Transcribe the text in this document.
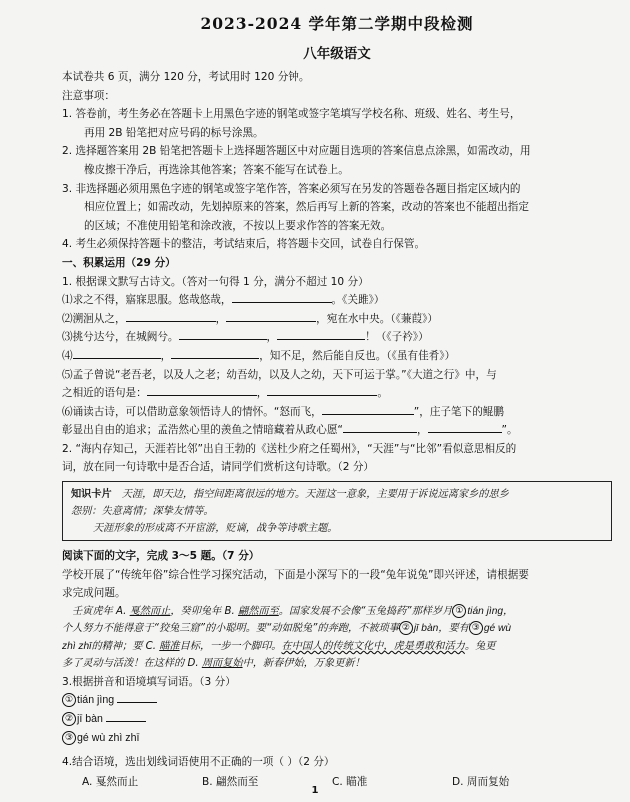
2023-2024 学年第二学期中段检测
八年级语文
本试卷共 6 页，满分 120 分，考试用时 120 分钟。
注意事项：
1. 答卷前，考生务必在答题卡上用黑色字迹的钢笔或签字笔填写学校名称、班级、姓名、考生号，
再用 2B 铅笔把对应号码的标号涂黑。
2. 选择题答案用 2B 铅笔把答题卡上选择题答题区中对应题目选项的答案信息点涂黑，如需改动，用
橡皮擦干净后，再选涂其他答案；答案不能写在试卷上。
3. 非选择题必须用黑色字迹的钢笔或签字笔作答，答案必须写在另发的答题卷各题目指定区域内的
相应位置上；如需改动，先划掉原来的答案，然后再写上新的答案，改动的答案也不能超出指定
的区域；不准使用铅笔和涂改液，不按以上要求作答的答案无效。
4. 考生必须保持答题卡的整洁，考试结束后，将答题卡交回，试卷自行保管。
一、积累运用（29 分）
1. 根据课文默写古诗文。（答对一句得 1 分，满分不超过 10 分）
⑴求之不得，寤寐思服。悠哉悠哉，	。《关雎》）
⑵溯洄从之，	，	，宛在水中央。（《蒹葭》）
⑶挑兮达兮，在城阙兮。	，	！（《子衿》）
⑷	，	，知不足，然后能自反也。（《虽有佳肴》）
⑸孟子曾说“老吾老，以及人之老；幼吾幼，以及人之幼，天下可运于掌。”《大道之行》中，与
之相近的语句是：	，	。
⑹诵读古诗，可以借助意象领悟诗人的情怀。“怒而飞，	”，庄子笔下的鲲鹏
彰显出自由的追求；孟浩然心里的羡鱼之情暗藏着从政心愿“	，	”。
2. “海内存知己，天涯若比邻”出自王勃的《送杜少府之任蜀州》，“天涯”与“比邻”看似意思相反的
词，放在同一句诗歌中是否合适，请同学们赏析这句诗歌。（2 分）
知识卡片 天涯，即天边，指空间距离很远的地方。天涯这一意象，主要用于诉说远离家乡的思乡
怨别：失意离情；深挚友情等。
天涯形象的形成离不开宦游，贬谪，战争等诗歌主题。
阅读下面的文字，完成 3～5 题。（7 分）
学校开展了“传统年俗”综合性学习探究活动，下面是小深写下的一段“兔年说兔”即兴评述，请根据要
求完成问题。
壬寅虎年 A. 戛然而止，癸卯兔年 B. 翩然而至。国家发展不会像“玉兔捣药”那样岁月 ① tián jìng，
个人努力不能得意于“狡兔三窟”的小聪明。要“动如脱兔”的奔跑，不被琐事 ② jī bàn，要有 ③ gé wù
zhì zhī的精神；要 C. 瞄准目标，一步一个脚印。在中国人的传统文化中，虎是勇敢和活力。兔更
多了灵动与活泼！在这样的 D. 周而复始中，新春伊始，万象更新！
3.根据拼音和语境填写词语。（3 分）
① tián jìng
② jī bàn
③ gé wù zhì zhī
4.结合语境，选出划线词语使用不正确的一项（ ）（2 分）
A. 戛然而止	B. 翩然而至	C. 瞄准	D. 周而复始
1
